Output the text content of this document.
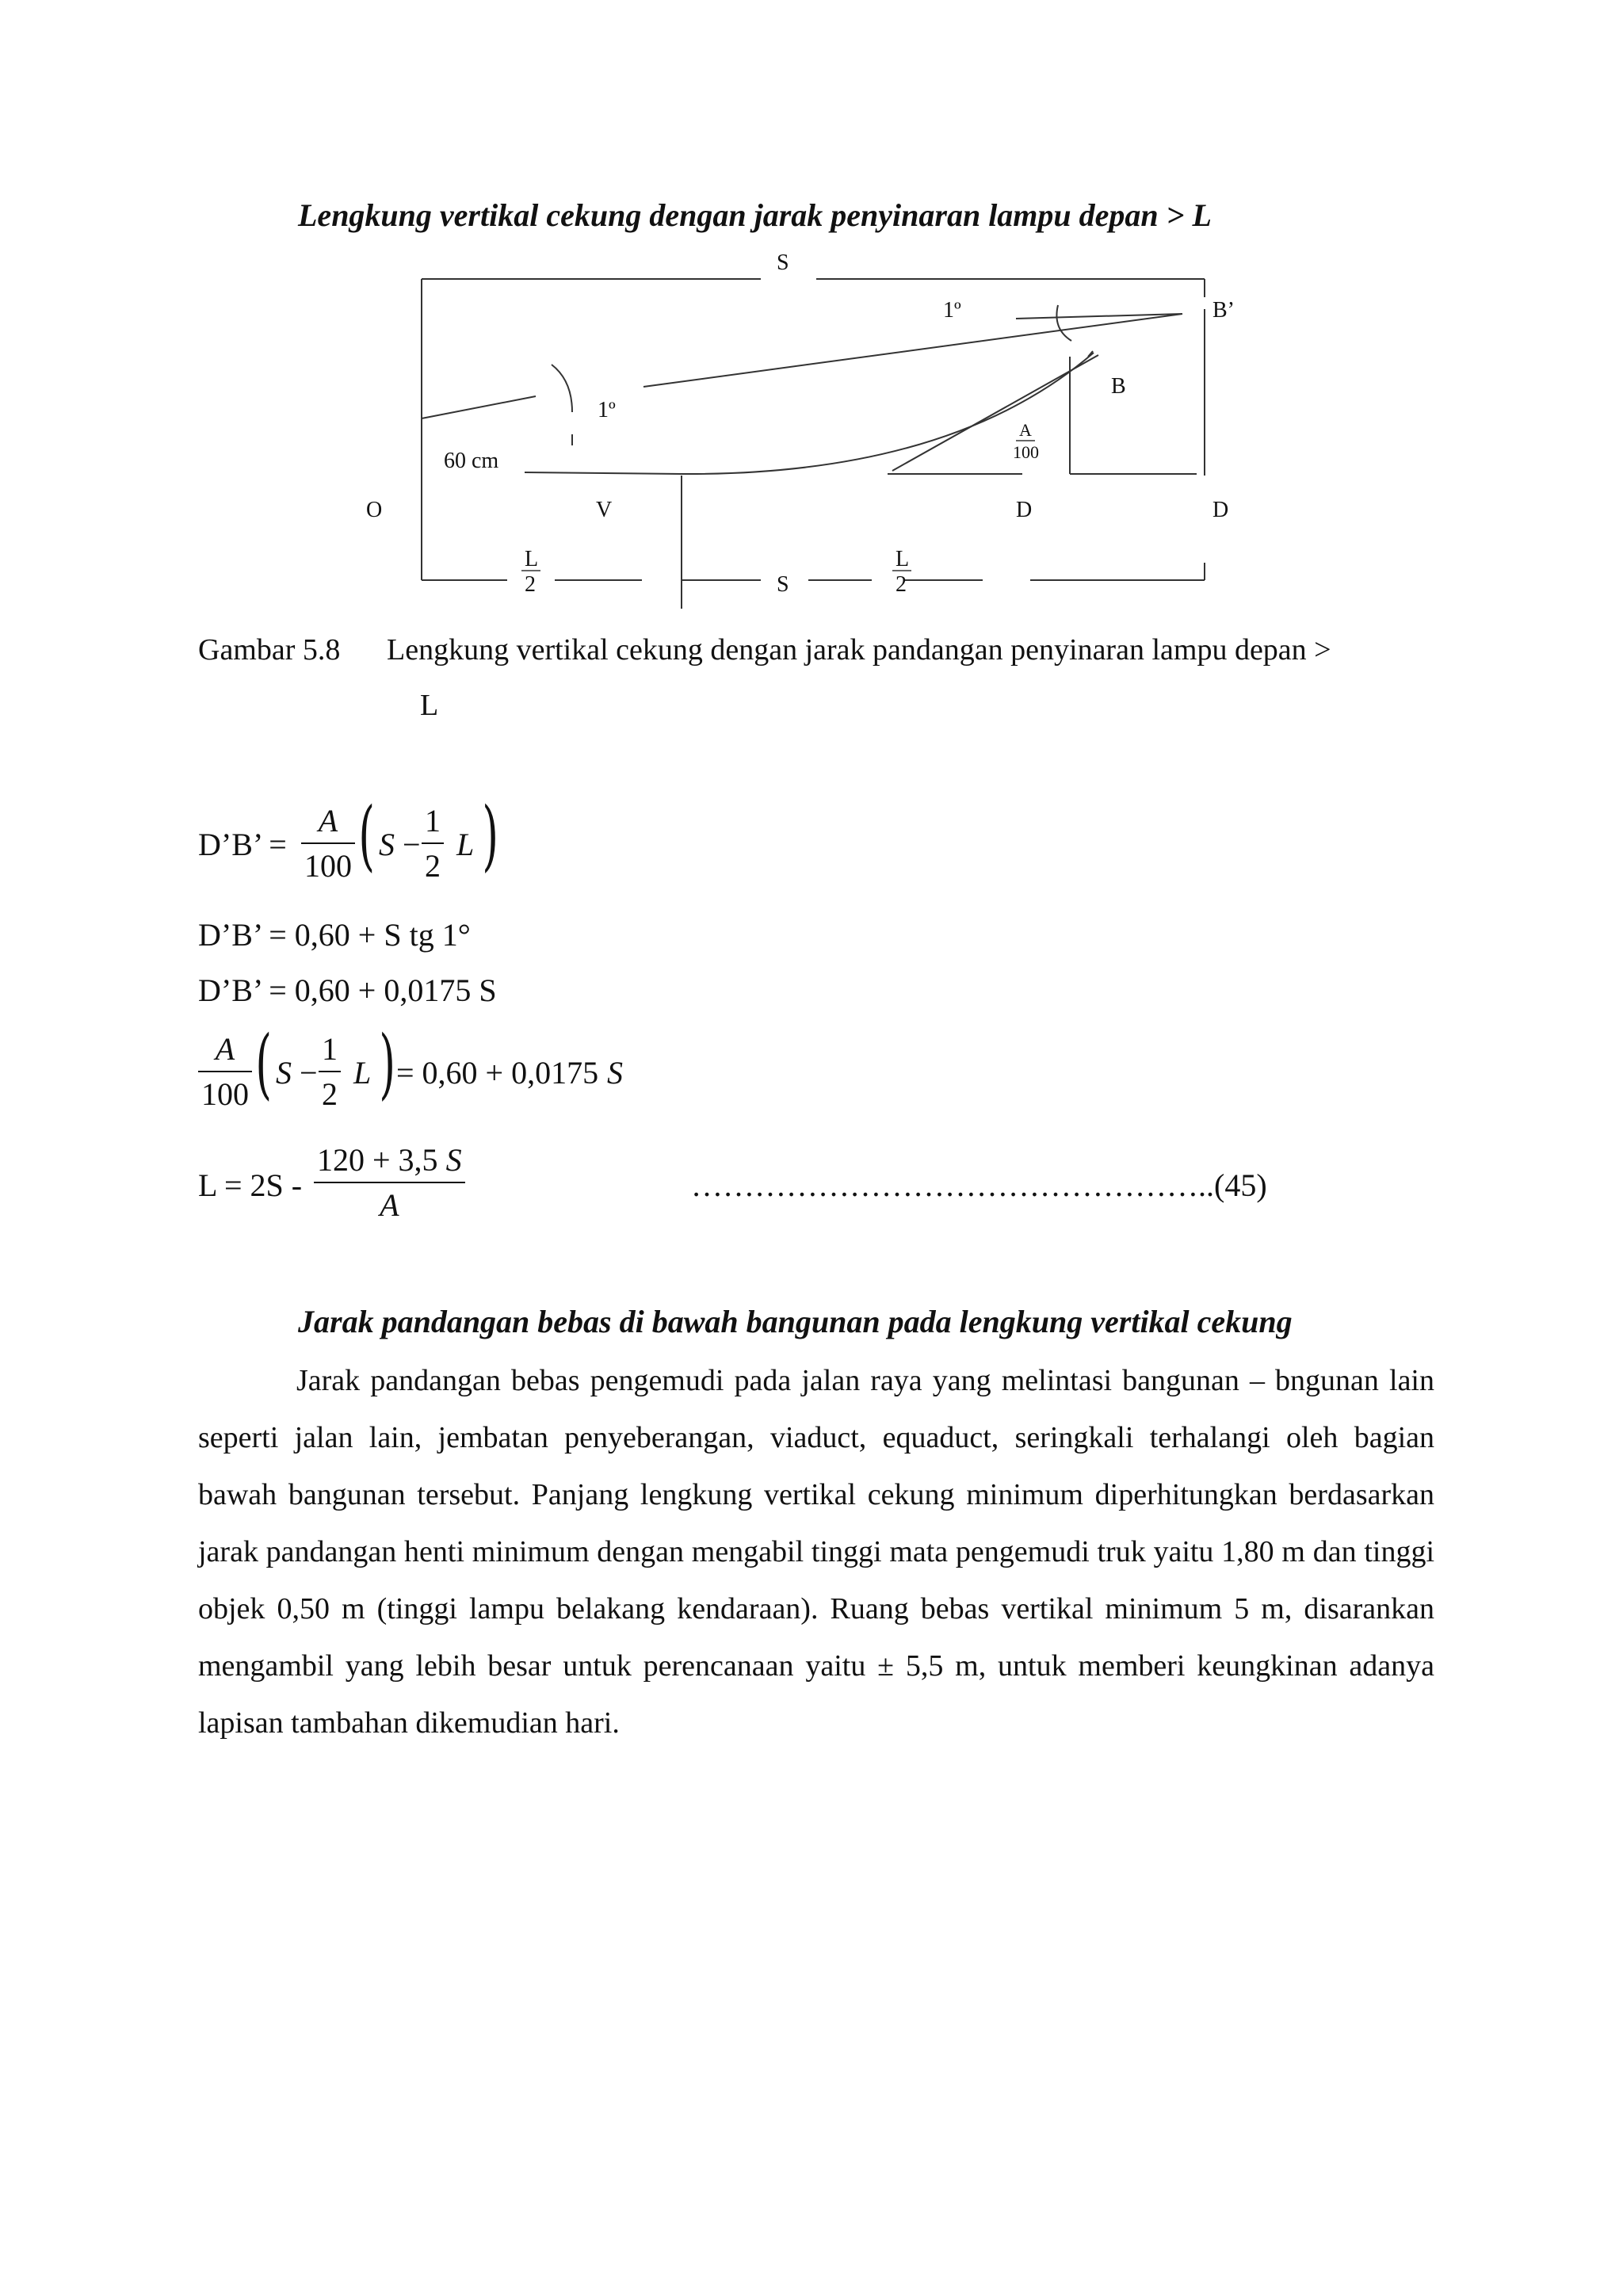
Lengkung vertikal cekung dengan jarak penyinaran lampu depan > L
S
1º	B’
B
1º
A
100
60 cm
O	V	D	D
L
2	S
L
2
Gambar 5.8 Lengkung vertikal cekung dengan jarak pandangan penyinaran lampu depan >
L
D’B’ = $\frac{A}{100}$ ( $S - \frac{1}{2}$ L )
D’B’ = 0,60 + S tg 1°
D’B’ = 0,60 + 0,0175 S
$\frac{A}{100}$ ( $S - \frac{1}{2}$ L ) = 0,60 + 0,0175 S
$L = 2S - \frac{120 + 3,5 S}{A}$	…………………………………………..(45)
Jarak pandangan bebas di bawah bangunan pada lengkung vertikal cekung

Jarak pandangan bebas pengemudi pada jalan raya yang melintasi bangunan – bngunan lain seperti jalan lain, jembatan penyeberangan, viaduct, equaduct, seringkali terhalangi oleh bagian bawah bangunan tersebut. Panjang lengkung vertikal cekung minimum diperhitungkan berdasarkan jarak pandangan henti minimum dengan mengabil tinggi mata pengemudi truk yaitu 1,80 m dan tinggi objek 0,50 m (tinggi lampu belakang kendaraan). Ruang bebas vertikal minimum 5 m, disarankan mengambil yang lebih besar untuk perencanaan yaitu ± 5,5 m, untuk memberi keungkinan adanya lapisan tambahan dikemudian hari.
